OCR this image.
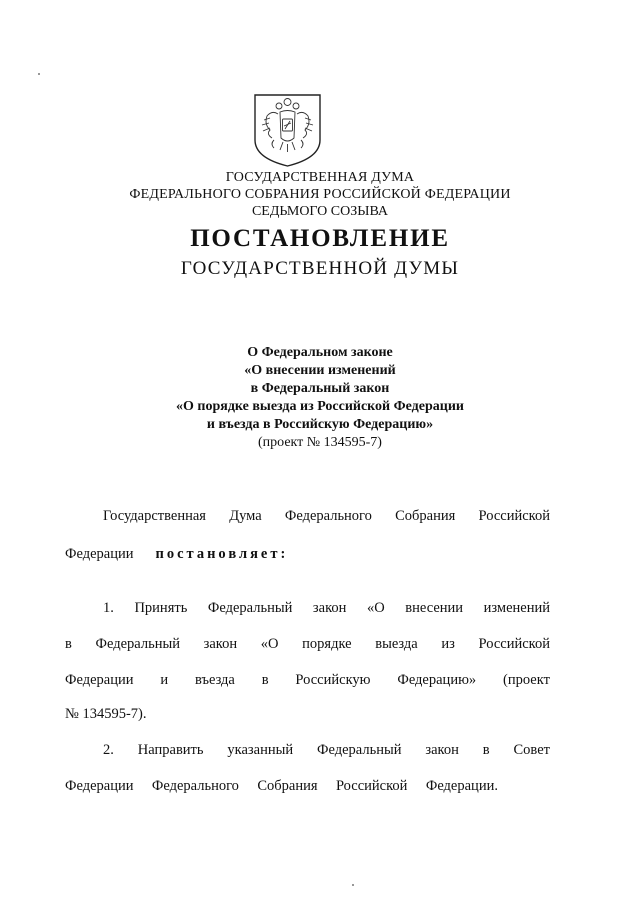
ГОСУДАРСТВЕННАЯ ДУМА
ФЕДЕРАЛЬНОГО СОБРАНИЯ РОССИЙСКОЙ ФЕДЕРАЦИИ
СЕДЬМОГО СОЗЫВА
ПОСТАНОВЛЕНИЕ
ГОСУДАРСТВЕННОЙ ДУМЫ
О Федеральном законе
«О внесении изменений
в Федеральный закон
«О порядке выезда из Российской Федерации
и въезда в Российскую Федерацию»
(проект № 134595-7)
Государственная Дума Федерального Собрания Российской
Федерации постановляет:
1. Принять Федеральный закон «О внесении изменений
в Федеральный закон «О порядке выезда из Российской
Федерации и въезда в Российскую Федерацию» (проект
№ 134595-7).
2. Направить указанный Федеральный закон в Совет
Федерации Федерального Собрания Российской Федерации.
